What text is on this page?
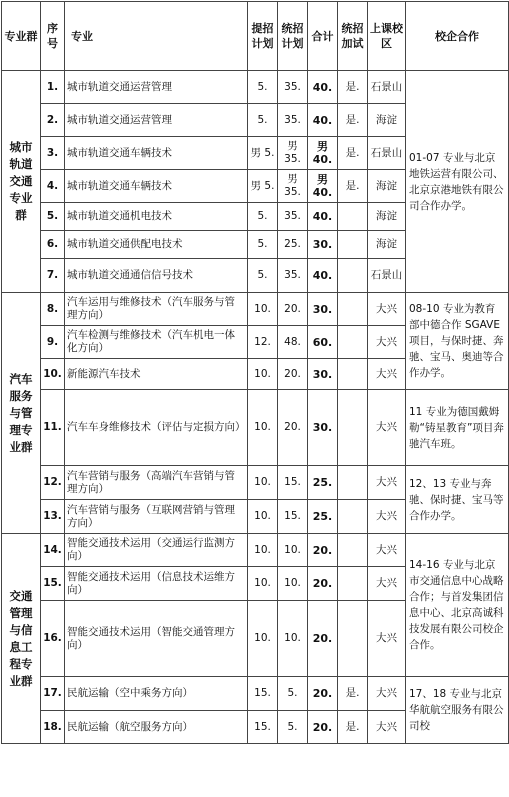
专业群	序号	专业	提招计划	统招计划	合计	统招加试	上课校区	校企合作
城市轨道交通专业群	1.	城市轨道交通运营管理	5.	35.	40.	是.	石景山	01-07 专业与北京地铁运营有限公司、北京京港地铁有限公司合作办学。
	2.	城市轨道交通运营管理	5.	35.	40.	是.	海淀	
	3.	城市轨道交通车辆技术	男 5.	男 35.	男 40.	是.	石景山	
	4.	城市轨道交通车辆技术	男 5.	男 35.	男 40.	是.	海淀	
	5.	城市轨道交通机电技术	5.	35.	40.		海淀	
	6.	城市轨道交通供配电技术	5.	25.	30.		海淀	
	7.	城市轨道交通通信信号技术	5.	35.	40.		石景山	
汽车服务与管理专业群	8.	汽车运用与维修技术（汽车服务与管理方向）	10.	20.	30.		大兴	08-10 专业为教育部中德合作 SGAVE 项目，与保时捷、奔驰、宝马、奥迪等合作办学。
	9.	汽车检测与维修技术（汽车机电一体化方向）	12.	48.	60.		大兴	
	10.	新能源汽车技术	10.	20.	30.		大兴	
	11.	汽车车身维修技术（评估与定损方向）	10.	20.	30.		大兴	11 专业为德国戴姆勒“铸星教育”项目奔驰汽车班。
	12.	汽车营销与服务（高端汽车营销与管理方向）	10.	15.	25.		大兴	12、13 专业与奔驰、保时捷、宝马等合作办学。
	13.	汽车营销与服务（互联网营销与管理方向）	10.	15.	25.		大兴	
交通管理与信息工程专业群	14.	智能交通技术运用（交通运行监测方向）	10.	10.	20.		大兴	14-16 专业与北京市交通信息中心战略合作；与首发集团信息中心、北京高诚科技发展有限公司校企合作。
	15.	智能交通技术运用（信息技术运维方向）	10.	10.	20.		大兴	
	16.	智能交通技术运用（智能交通管理方向）	10.	10.	20.		大兴	
	17.	民航运输（空中乘务方向）	15.	5.	20.	是.	大兴	17、18 专业与北京华航航空服务有限公司校
	18.	民航运输（航空服务方向）	15.	5.	20.	是.	大兴	
